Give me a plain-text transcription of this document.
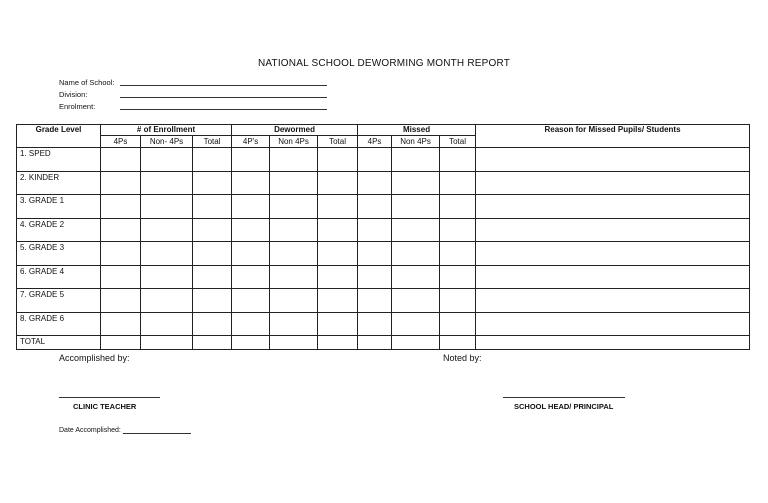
NATIONAL SCHOOL DEWORMING MONTH REPORT
Name of School:
Division:
Enrolment:
Grade Level	# of Enrollment			Dewormed			Missed			Reason for Missed Pupils/ Students
	4Ps	Non- 4Ps	Total	4P's	Non 4Ps	Total	4Ps	Non 4Ps	Total	
1. SPED										
2. KINDER										
3. GRADE 1										
4. GRADE 2										
5. GRADE 3										
6. GRADE 4										
7. GRADE 5										
8. GRADE 6										
TOTAL										
Accomplished by:	Noted by:
CLINIC TEACHER	SCHOOL HEAD/ PRINCIPAL
Date Accomplished:
